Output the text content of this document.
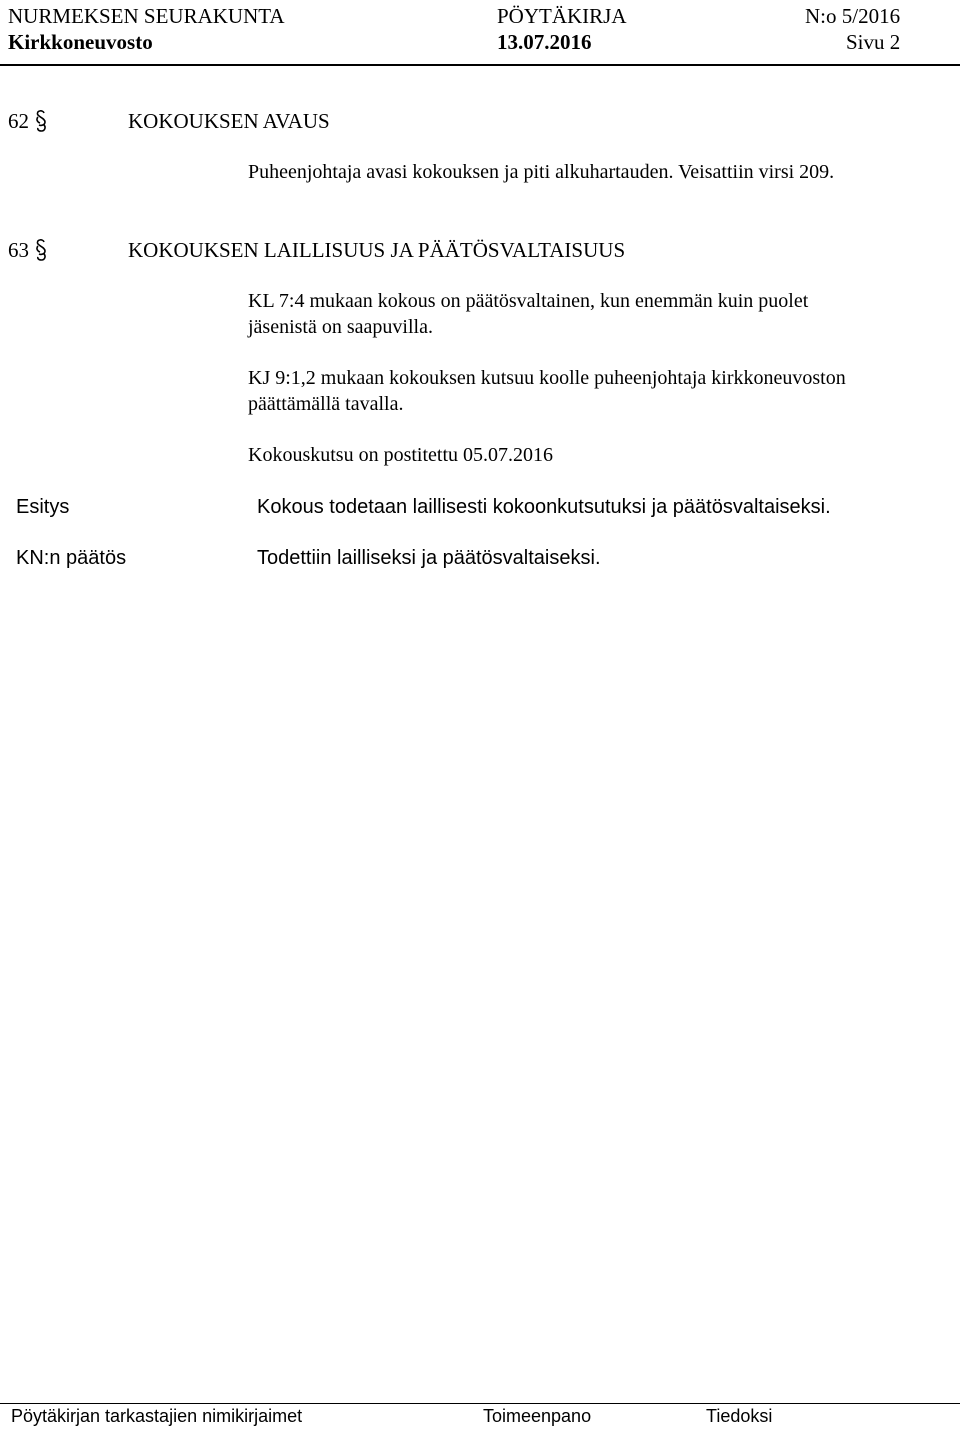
NURMEKSEN SEURAKUNTA	PÖYTÄKIRJA	N:o 5/2016
Kirkkoneuvosto	13.07.2016	Sivu 2
62	KOKOUKSEN AVAUS
Puheenjohtaja avasi kokouksen ja piti alkuhartauden. Veisattiin virsi 209.
63	KOKOUKSEN LAILLISUUS JA PÄÄTÖSVALTAISUUS
KL 7:4 mukaan kokous on päätösvaltainen, kun enemmän kuin puolet
jäsenistä on saapuvilla.
KJ 9:1,2 mukaan kokouksen kutsuu koolle puheenjohtaja kirkkoneuvoston
päättämällä tavalla.
Kokouskutsu on postitettu 05.07.2016
Esitys	Kokous todetaan laillisesti kokoonkutsutuksi ja päätösvaltaiseksi.
KN:n päätös	Todettiin lailliseksi ja päätösvaltaiseksi.
Pöytäkirjan tarkastajien nimikirjaimet	Toimeenpano	Tiedoksi
